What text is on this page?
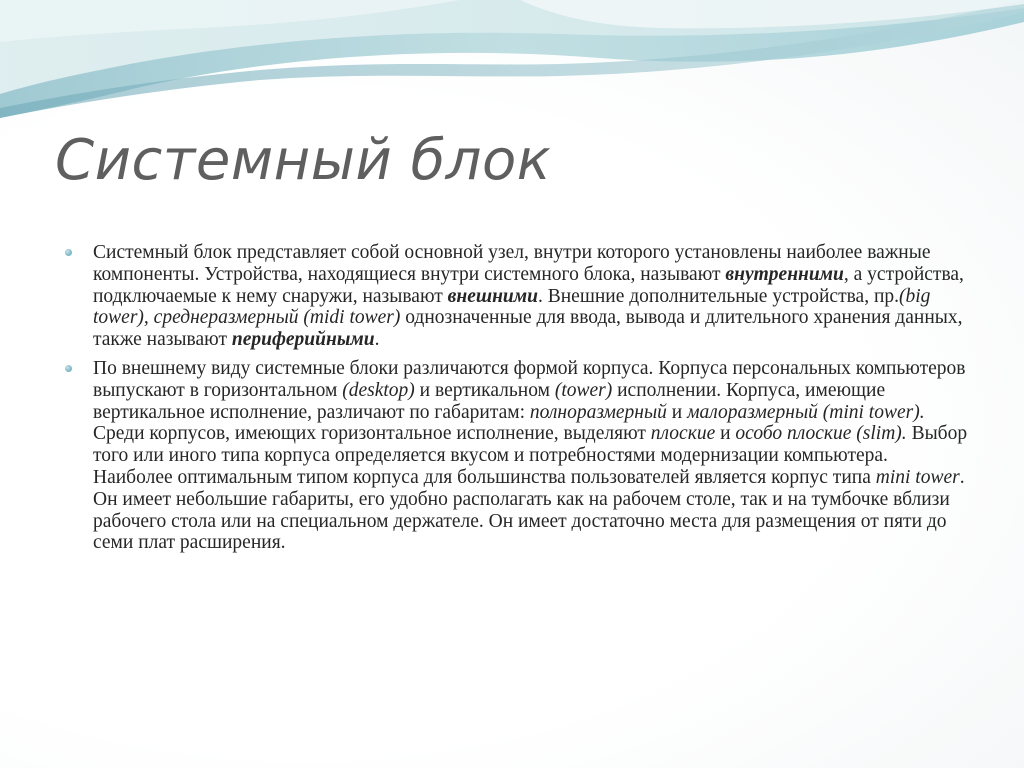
Системный блок
Системный блок представляет собой основной узел, внутри которого установлены наиболее важные компоненты. Устройства, находящиеся внутри системного блока, называют внутренними, а устройства, подключаемые к нему снаружи, называют внешними. Внешние дополнительные устройства, пр.(big tower), среднеразмерный (midi tower) однозначенные для ввода, вывода и длительного хранения данных, также называют периферийными.
По внешнему виду системные блоки различаются формой корпуса. Корпуса персональных компьютеров выпускают в горизонтальном (desktop) и вертикальном (tower) исполнении. Корпуса, имеющие вертикальное исполнение, различают по габаритам: полноразмерный и малоразмерный (mini tower). Среди корпусов, имеющих горизонтальное исполнение, выделяют плоские и особо плоские (slim). Выбор того или иного типа корпуса определяется вкусом и потребностями модернизации компьютера. Наиболее оптимальным типом корпуса для большинства пользователей является корпус типа mini tower. Он имеет небольшие габариты, его удобно располагать как на рабочем столе, так и на тумбочке вблизи рабочего стола или на специальном держателе. Он имеет достаточно места для размещения от пяти до семи плат расширения.
